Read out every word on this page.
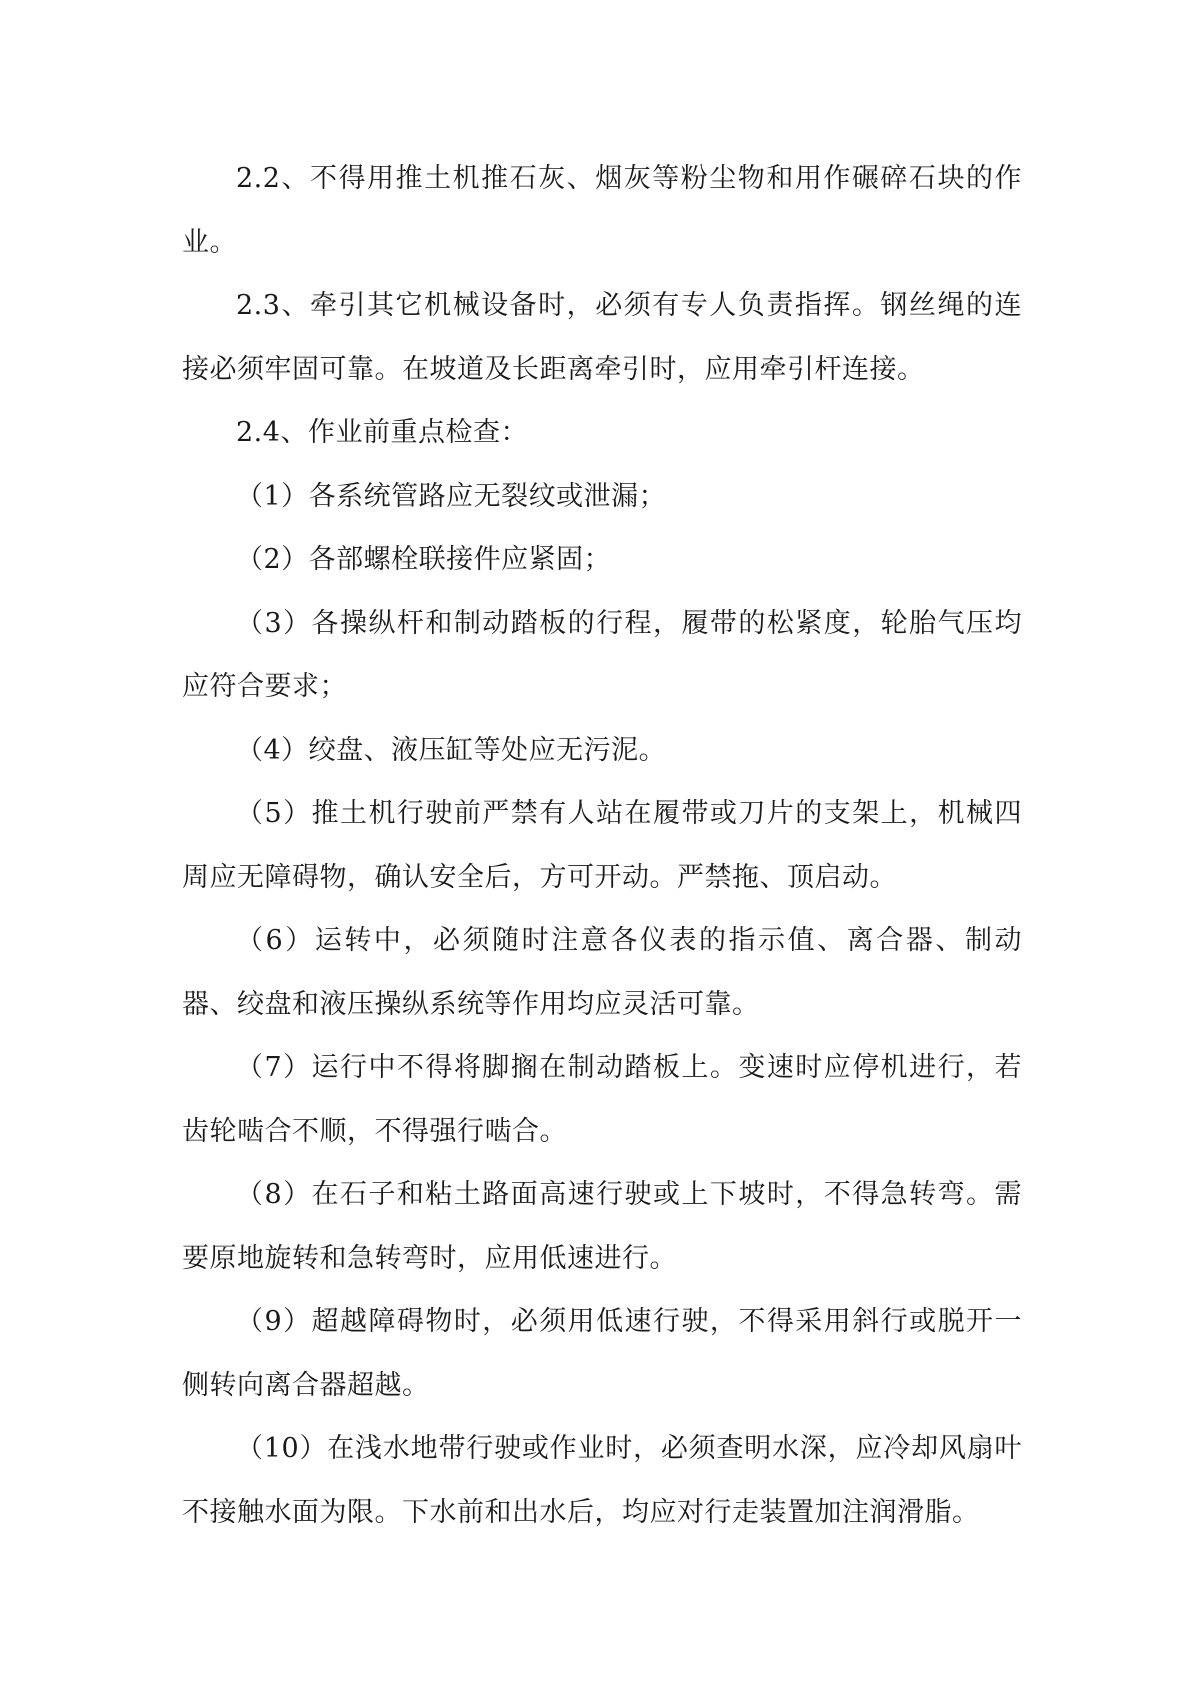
2.2、不得用推土机推石灰、烟灰等粉尘物和用作碾碎石块的作业。

2.3、牵引其它机械设备时，必须有专人负责指挥。钢丝绳的连接必须牢固可靠。在坡道及长距离牵引时，应用牵引杆连接。

2.4、作业前重点检查：

（1）各系统管路应无裂纹或泄漏；

（2）各部螺栓联接件应紧固；

（3）各操纵杆和制动踏板的行程，履带的松紧度，轮胎气压均应符合要求；

（4）绞盘、液压缸等处应无污泥。

（5）推土机行驶前严禁有人站在履带或刀片的支架上，机械四周应无障碍物，确认安全后，方可开动。严禁拖、顶启动。

（6）运转中，必须随时注意各仪表的指示值、离合器、制动器、绞盘和液压操纵系统等作用均应灵活可靠。

（7）运行中不得将脚搁在制动踏板上。变速时应停机进行，若齿轮啮合不顺，不得强行啮合。

（8）在石子和粘土路面高速行驶或上下坡时，不得急转弯。需要原地旋转和急转弯时，应用低速进行。

（9）超越障碍物时，必须用低速行驶，不得采用斜行或脱开一侧转向离合器超越。

（10）在浅水地带行驶或作业时，必须查明水深，应冷却风扇叶不接触水面为限。下水前和出水后，均应对行走装置加注润滑脂。
